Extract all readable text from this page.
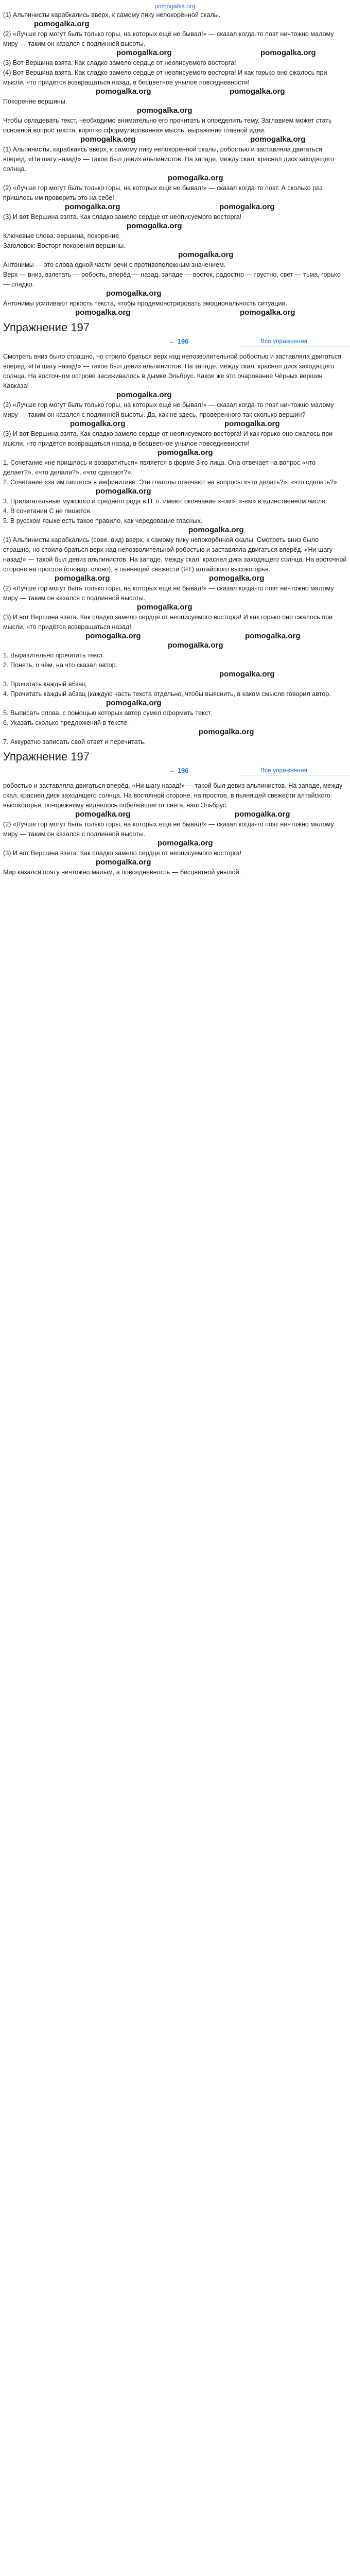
pomogalka.org

(1) Альпинисты карабкались вверх, к самому пику непокорённой скалы.

pomogalka.org

(2) «Лучше гор могут быть только горы, на которых ещё не бывал!» — сказал когда-то поэт ничтожно малому миру — таким он казался с подлинной высоты.

pomogalka.org	pomogalka.org

(3) Вот Вершина взята. Как сладко замело сердце от неописуемого восторга!

(4) Вот Вершина взята. Как сладко замело сердце от неописуемого восторга! И как горько оно сжалось при мысли, что придётся возвращаться назад, в бесцветное унылое повседневности!

pomogalka.org	pomogalka.org

Покорение вершины.

pomogalka.org

Чтобы овладевать текст, необходимо внимательно его прочитать и определить тему. Заглавием может стать основной вопрос текста, коротко сформулированная мысль, выражение главной идеи.

pomogalka.org	pomogalka.org

(1) Альпинисты, карабкаясь вверх, к самому пику непокорённой скалы, робостью и заставляла двигаться вперёд. «Ни шагу назад!» — такое был девиз альпинистов. На западе, между скал, краснел диск заходящего солнца.

pomogalka.org

(2) «Лучше гор могут быть только горы, на которых ещё не бывал!» — сказал когда-то поэт. А сколько раз пришлось им проверить это на себе!

pomogalka.org	pomogalka.org

(3) И вот Вершина взята. Как сладко замело сердце от неописуемого восторга!

pomogalka.org

Ключевые слова: вершина, покорение.

Заголовок: Восторг покорения вершины.

pomogalka.org

Антонимы — это слова одной части речи с противоположным значением.

Верх — вниз, взлетать — робость, вперёд — назад, западе — восток, радостно — грустно, свет — тьма, горько — сладко.

pomogalka.org

Антонимы усиливают яркость текста, чтобы продемонстрировать эмоциональность ситуации.

pomogalka.org	pomogalka.org
Упражнение 197
← 196	Все упражнения

Смотреть вниз было страшно, но стоило браться верх над непозволительной робостью и заставляла двигаться вперёд. «Ни шагу назад!» — такое был девиз альпинистов. На западе, между скал, краснел диск заходящего солнца. На восточном острове засиживалось в дымке Эльбрус. Какое же это очарование Чёрных вершин Кавказа!

pomogalka.org

(2) «Лучше гор могут быть только горы, на которых ещё не бывал!» — сказал когда-то поэт ничтожно малому миру — таким он казался с подлинной высоты. Да, как не здесь, проверенного так сколько вершин?

pomogalka.org	pomogalka.org

(3) И вот Вершина взята. Как сладко замело сердце от неописуемого восторга! И как горько оно сжалось при мысли, что придётся возвращаться назад, в бесцветное унылое повседневности!

pomogalka.org

1. Сочетание «не пришлось и возвратиться» является в форме 3-го лица. Она отвечает на вопрос «что делает?», «что делали?», «что сделают?».

2. Сочетание «за им пишется в инфинитиве. Эти глаголы отвечают на вопросы «что делать?», «что сделать?».

pomogalka.org

3. Прилагательные мужского и среднего рода в П. п. имеют окончание «-ом», «-ем» в единственном числе.

4. В сочетании С не пишется.

5. В русском языке есть такое правило, как чередование гласных.

pomogalka.org

(1) Альпинисты карабкались (сове. вид) вверх, к самому пику непокорённой скалы. Смотреть вниз было страшно, но стоило браться верх над непозволительной робостью и заставляла двигаться вперёд. «Ни шагу назад!» — такой был девиз альпинистов. На западе, между скал, краснел диск заходящего солнца. На восточной стороне на простое (словар. слово), в пьянящей свежести (ЯТ) алтайского высокогорья.

pomogalka.org	pomogalka.org

(2) «Лучше гор могут быть только горы, на которых ещё не бывал!» — сказал когда-то поэт ничтожно малому миру — таким он казался с подлинной высоты.

pomogalka.org

(3) И вот Вершина взята. Как сладко замело сердце от неописуемого восторга! И как горько оно сжалось при мысли, что придётся возвращаться назад!

pomogalka.org	pomogalka.org
pomogalka.org

1. Выразительно прочитать текст.

2. Понять, о чём, на что сказал автор.

pomogalka.org

3. Прочитать каждый абзац.

4. Прочитать каждый абзац (каждую часть текста отдельно, чтобы выяснить, в каком смысле говорил автор.

pomogalka.org

5. Выписать слова, с помощью которых автор сумел оформить текст.

6. Указать сколько предложений в тексте.

pomogalka.org

7. Аккуратно записать свой ответ и перечитать.

Упражнение 197
← 196	Все упражнения

робостью и заставляла двигаться вперёд. «Ни шагу назад!» — такой был девиз альпинистов. На западе, между скал, краснел диск заходящего солнца. На восточной стороне, на простое, в пьянящей свежести алтайского высокогорья, по-прежнему виднелось побелевшее от снега, наш Эльбрус.

pomogalka.org	pomogalka.org

(2) «Лучше гор могут быть только горы, на которых ещё не бывал!» — сказал когда-то поэт ничтожно малому миру — таким он казался с подлинной высоты.

pomogalka.org

(3) И вот Вершина взята. Как сладко замело сердце от неописуемого восторга!

pomogalka.org

Мир казался поэту ничтожно малым, а повседневность — бесцветной унылой.
